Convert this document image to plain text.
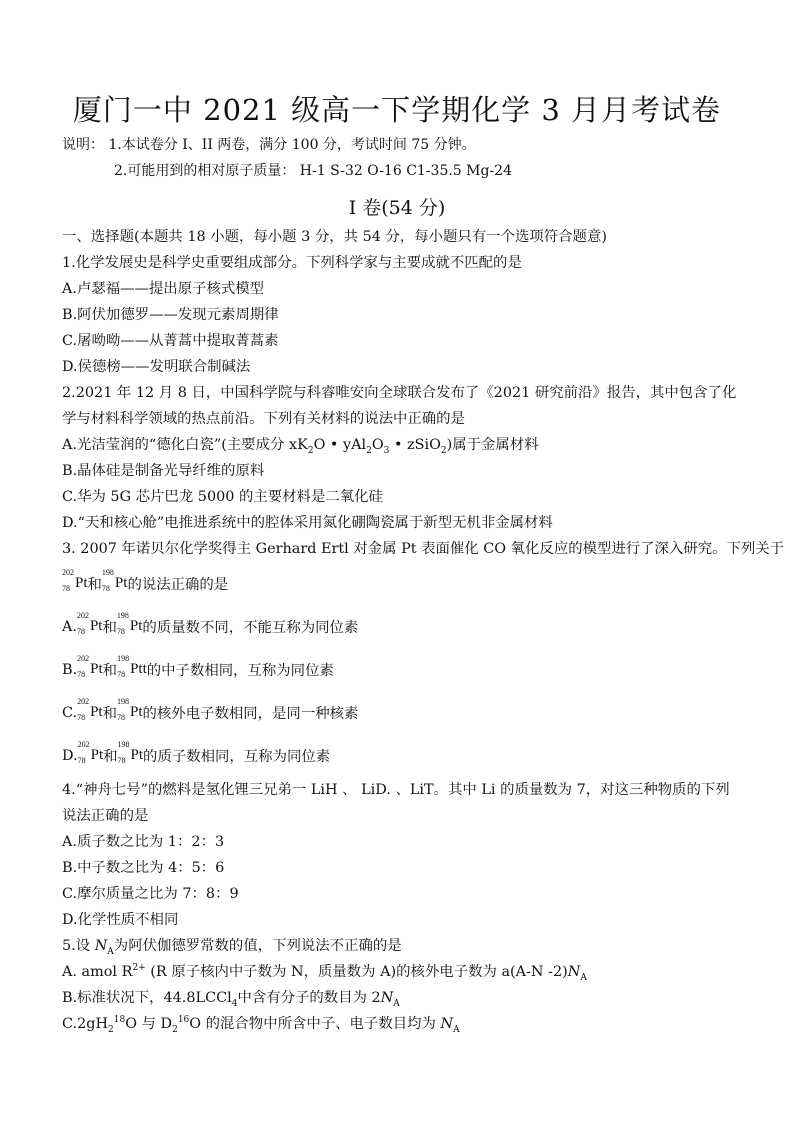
厦门一中 2021 级高一下学期化学 3 月月考试卷
说明： 1.本试卷分 I、II 两卷，满分 100 分，考试时间 75 分钟。
2.可能用到的相对原子质量： H-1 S-32 O-16 C1-35.5 Mg-24
I 卷(54 分)
一、选择题(本题共 18 小题，每小题 3 分，共 54 分，每小题只有一个选项符合题意)
1.化学发展史是科学史重要组成部分。下列科学家与主要成就不匹配的是
A.卢瑟福——提出原子核式模型
B.阿伏加德罗——发现元素周期律
C.屠呦呦——从菁蒿中提取菁蒿素
D.侯德榜——发明联合制碱法
2.2021 年 12 月 8 日，中国科学院与科睿唯安向全球联合发布了《2021 研究前沿》报告，其中包含了化学与材料科学领域的热点前沿。下列有关材料的说法中正确的是
A.光洁莹润的“德化白瓷”(主要成分 $xK_2O$ • $yAl_2O_3$ • zSiO$_2$)属于金属材料
B.晶体硅是制备光导纤维的原料
C.华为 5G 芯片巴龙 5000 的主要材料是二氧化硅
D.“天和核心舱”电推进系统中的腔体采用氮化硼陶瓷属于新型无机非金属材料
3. 2007 年诺贝尔化学奖得主 Gerhard Ertl 对金属 Pt 表面催化 CO 氧化反应的模型进行了深入研究。下列关于
202
78 Pt 和
198
78 Pt 的说法正确的是
A.
202
78 Pt 和
198
78 Pt 的质量数不同，不能互称为同位素
B.
202
78 Pt 和
198
78 Ptt 的中子数相同，互称为同位素
C.
202
78 Pt 和
198
78 Pt 的核外电子数相同，是同一种核素
D.
202
78 Pt 和
198
78 Pt 的质子数相同，互称为同位素
4.“神舟七号”的燃料是氢化锂三兄弟一 LiH 、 LiD. 、LiT。其中 Li 的质量数为 7，对这三种物质的下列说法正确的是
A.质子数之比为 1：2：3
B.中子数之比为 4：5：6
C.摩尔质量之比为 7：8：9
D.化学性质不相同
5.设 $N_A$为阿伏伽德罗常数的值，下列说法不正确的是
A. amol $R^{2+}$ (R 原子核内中子数为 N，质量数为 A)的核外电子数为 a(A-N $-2)N_A$
B.标准状况下，44.8LCCl$_4$中含有分子的数目为 $2N_A$
$C.2gH_2^{18}O$ 与 $D_2^{16}O$ 的混合物中所含中子、电子数目均为 $N_A$
